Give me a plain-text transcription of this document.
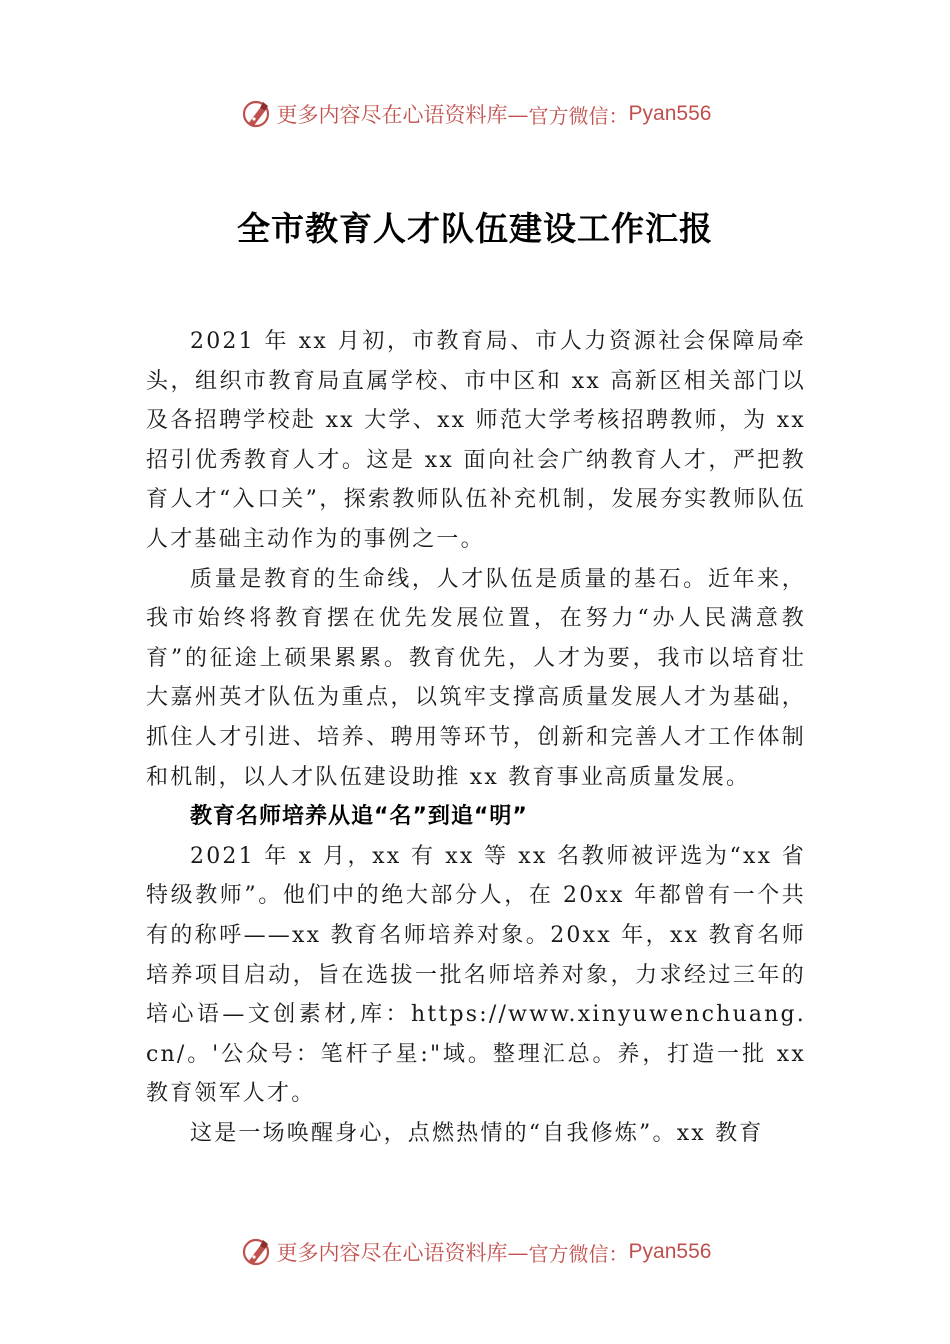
更多内容尽在心语资料库— 官方微信： Pyan556
全市教育人才队伍建设工作汇报

2021 年 xx 月初，市教育局、市人力资源社会保障局牵头，组织市教育局直属学校、市中区和 xx 高新区相关部门以及各招聘学校赴 xx 大学、xx 师范大学考核招聘教师，为 xx 招引优秀教育人才。这是 xx 面向社会广纳教育人才，严把教育人才“入口关”，探索教师队伍补充机制，发展夯实教师队伍人才基础主动作为的事例之一。

质量是教育的生命线，人才队伍是质量的基石。近年来，我市始终将教育摆在优先发展位置，在努力“办人民满意教育”的征途上硕果累累。教育优先，人才为要，我市以培育壮大嘉州英才队伍为重点，以筑牢支撑高质量发展人才为基础，抓住人才引进、培养、聘用等环节，创新和完善人才工作体制和机制，以人才队伍建设助推 xx 教育事业高质量发展。

教育名师培养从追“名”到追“明”

2021 年 x 月，xx 有 xx 等 xx 名教师被评选为“xx 省特级教师”。他们中的绝大部分人，在 20xx 年都曾有一个共有的称呼——xx 教育名师培养对象。20xx 年，xx 教育名师培养项目启动，旨在选拔一批名师培养对象，力求经过三年的培心语—文创素材,库：https://www.xinyuwenchuang.cn/。'公众号：笔杆子星:"域。整理汇总。养，打造一批 xx 教育领军人才。

这是一场唤醒身心，点燃热情的“自我修炼”。xx 教育

更多内容尽在心语资料库— 官方微信： Pyan556
